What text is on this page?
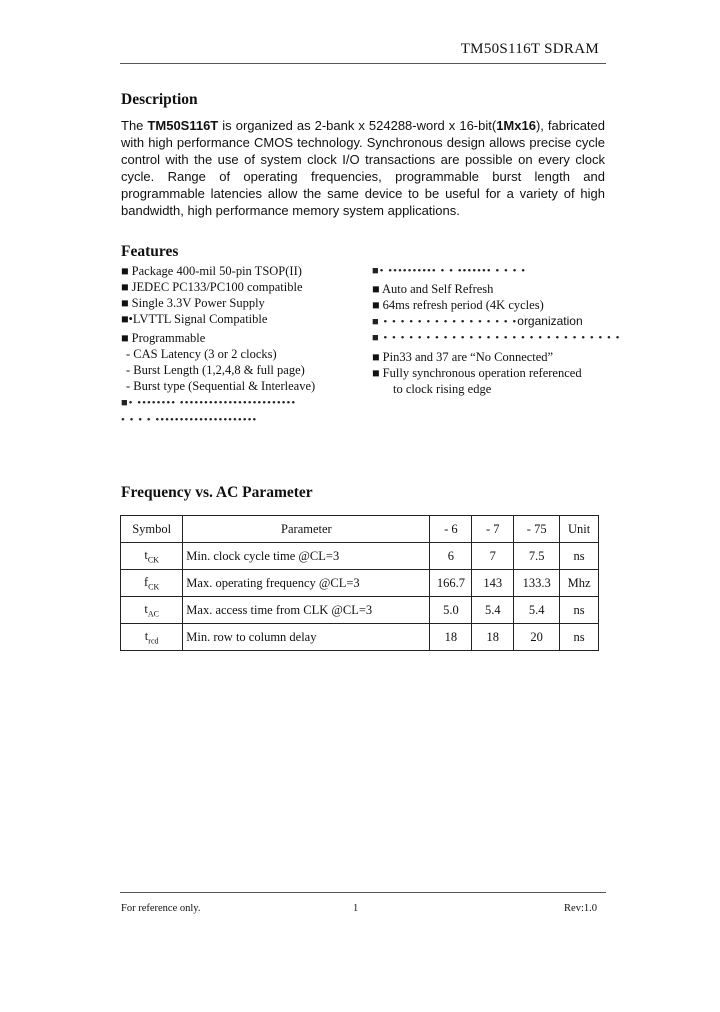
TM50S116T SDRAM
Description
The TM50S116T is organized as 2-bank x 524288-word x 16-bit(1Mx16), fabricated with high performance CMOS technology. Synchronous design allows precise cycle control with the use of system clock I/O transactions are possible on every clock cycle. Range of operating frequencies, programmable burst length and programmable latencies allow the same device to be useful for a variety of high bandwidth, high performance memory system applications.
Features
■ Package 400-mil 50-pin TSOP(II)
■ JEDEC PC133/PC100 compatible
■ Single 3.3V Power Supply
■•LVTTL Signal Compatible
■ Programmable
- CAS Latency (3 or 2 clocks)
- Burst Length (1,2,4,8 & full page)
- Burst type (Sequential & Interleave)
■• •••••••• ••••••••••••••••••••••••
• • • • •••••••••••••••••••••
■• •••••••••• • • ••••••• • • • •
■ Auto and Self Refresh
■ 64ms refresh period (4K cycles)
■ • • • • • • • • • • • • • • • •organization
■ • • • • • • • • • • • • • • • • • • • • • • • • • • • •
■ Pin33 and 37 are “No Connected”
■ Fully synchronous operation referenced
to clock rising edge
Frequency vs. AC Parameter
Symbol	Parameter	- 6	- 7	- 75	Unit
$t_{CK}$	Min. clock cycle time @CL=3	6	7	7.5	ns
$f_{CK}$	Max. operating frequency @CL=3	166.7	143	133.3	Mhz
$t_{AC}$	Max. access time from CLK @CL=3	5.0	5.4	5.4	ns
$t_{rcd}$	Min. row to column delay	18	18	20	ns
For reference only.	1	Rev:1.0
